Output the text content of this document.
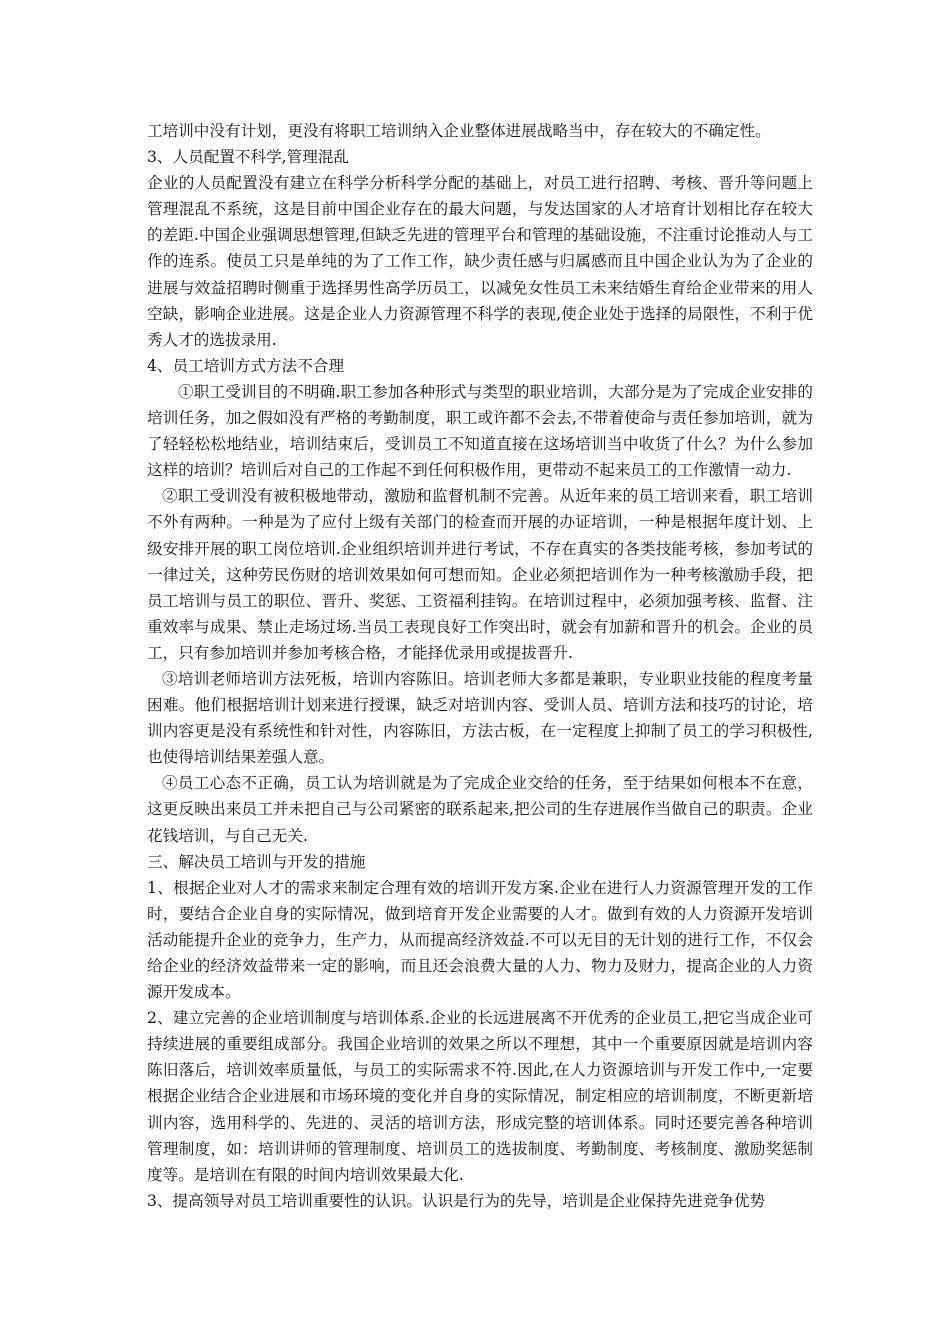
工培训中没有计划，更没有将职工培训纳入企业整体进展战略当中，存在较大的不确定性。

3、人员配置不科学,管理混乱

企业的人员配置没有建立在科学分析科学分配的基础上，对员工进行招聘、考核、晋升等问题上管理混乱不系统，这是目前中国企业存在的最大问题，与发达国家的人才培育计划相比存在较大的差距.中国企业强调思想管理,但缺乏先进的管理平台和管理的基础设施，不注重讨论推动人与工作的连系。使员工只是单纯的为了工作工作，缺少责任感与归属感而且中国企业认为为了企业的进展与效益招聘时侧重于选择男性高学历员工，以减免女性员工未来结婚生育给企业带来的用人空缺，影响企业进展。这是企业人力资源管理不科学的表现,使企业处于选择的局限性，不利于优秀人才的选拔录用.

4、员工培训方式方法不合理

①职工受训目的不明确.职工参加各种形式与类型的职业培训，大部分是为了完成企业安排的培训任务，加之假如没有严格的考勤制度，职工或许都不会去,不带着使命与责任参加培训，就为了轻轻松松地结业，培训结束后，受训员工不知道直接在这场培训当中收货了什么？为什么参加这样的培训？培训后对自己的工作起不到任何积极作用，更带动不起来员工的工作激情一动力.

②职工受训没有被积极地带动，激励和监督机制不完善。从近年来的员工培训来看，职工培训不外有两种。一种是为了应付上级有关部门的检查而开展的办证培训，一种是根据年度计划、上级安排开展的职工岗位培训.企业组织培训并进行考试，不存在真实的各类技能考核，参加考试的一律过关，这种劳民伤财的培训效果如何可想而知。企业必须把培训作为一种考核激励手段，把员工培训与员工的职位、晋升、奖惩、工资福利挂钩。在培训过程中，必须加强考核、监督、注重效率与成果、禁止走场过场.当员工表现良好工作突出时，就会有加薪和晋升的机会。企业的员工，只有参加培训并参加考核合格，才能择优录用或提拔晋升.

③培训老师培训方法死板，培训内容陈旧。培训老师大多都是兼职，专业职业技能的程度考量困难。他们根据培训计划来进行授课，缺乏对培训内容、受训人员、培训方法和技巧的讨论，培训内容更是没有系统性和针对性，内容陈旧，方法古板，在一定程度上抑制了员工的学习积极性,也使得培训结果差强人意。

④员工心态不正确，员工认为培训就是为了完成企业交给的任务，至于结果如何根本不在意，这更反映出来员工并未把自己与公司紧密的联系起来,把公司的生存进展作当做自己的职责。企业花钱培训，与自己无关.

三、解决员工培训与开发的措施

1、根据企业对人才的需求来制定合理有效的培训开发方案.企业在进行人力资源管理开发的工作时，要结合企业自身的实际情况，做到培育开发企业需要的人才。做到有效的人力资源开发培训活动能提升企业的竞争力，生产力，从而提高经济效益.不可以无目的无计划的进行工作，不仅会给企业的经济效益带来一定的影响，而且还会浪费大量的人力、物力及财力，提高企业的人力资源开发成本。

2、建立完善的企业培训制度与培训体系.企业的长远进展离不开优秀的企业员工,把它当成企业可持续进展的重要组成部分。我国企业培训的效果之所以不理想，其中一个重要原因就是培训内容陈旧落后，培训效率质量低，与员工的实际需求不符.因此,在人力资源培训与开发工作中,一定要根据企业结合企业进展和市场环境的变化并自身的实际情况，制定相应的培训制度，不断更新培训内容，选用科学的、先进的、灵活的培训方法，形成完整的培训体系。同时还要完善各种培训管理制度，如：培训讲师的管理制度、培训员工的选拔制度、考勤制度、考核制度、激励奖惩制度等。是培训在有限的时间内培训效果最大化.

3、提高领导对员工培训重要性的认识。认识是行为的先导，培训是企业保持先进竞争优势
